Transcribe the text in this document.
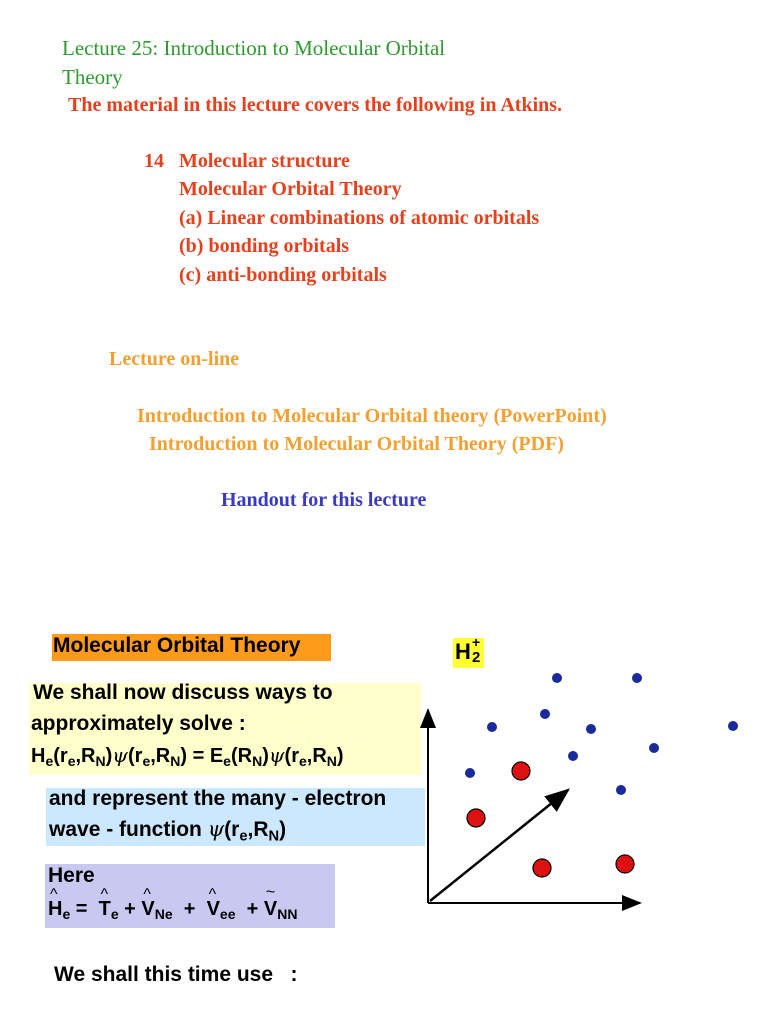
Lecture 25: Introduction to Molecular Orbital
Theory
The material in this lecture covers the following in Atkins.
14   Molecular structure
Molecular Orbital Theory
(a) Linear combinations of atomic orbitals
(b) bonding orbitals
(c) anti-bonding orbitals
Lecture on-line
Introduction to Molecular Orbital theory (PowerPoint)
Introduction to Molecular Orbital Theory (PDF)
Handout for this lecture
Molecular Orbital Theory	H 2
+
We shall now discuss ways to
approximately solve :
$H_e(r_e,R_N)\psi(r_e,R_N) = E_e(R_N)\psi(r_e,R_N)$
and represent the many - electron
wave - function $\psi(r_e,R_N)$
Here
^ $H_e$ =  ^ $T_e$ + ^ $V_{Ne}$  +  ^ $V_{ee} + V$
~
$_{NN}$
We shall this time use   :
